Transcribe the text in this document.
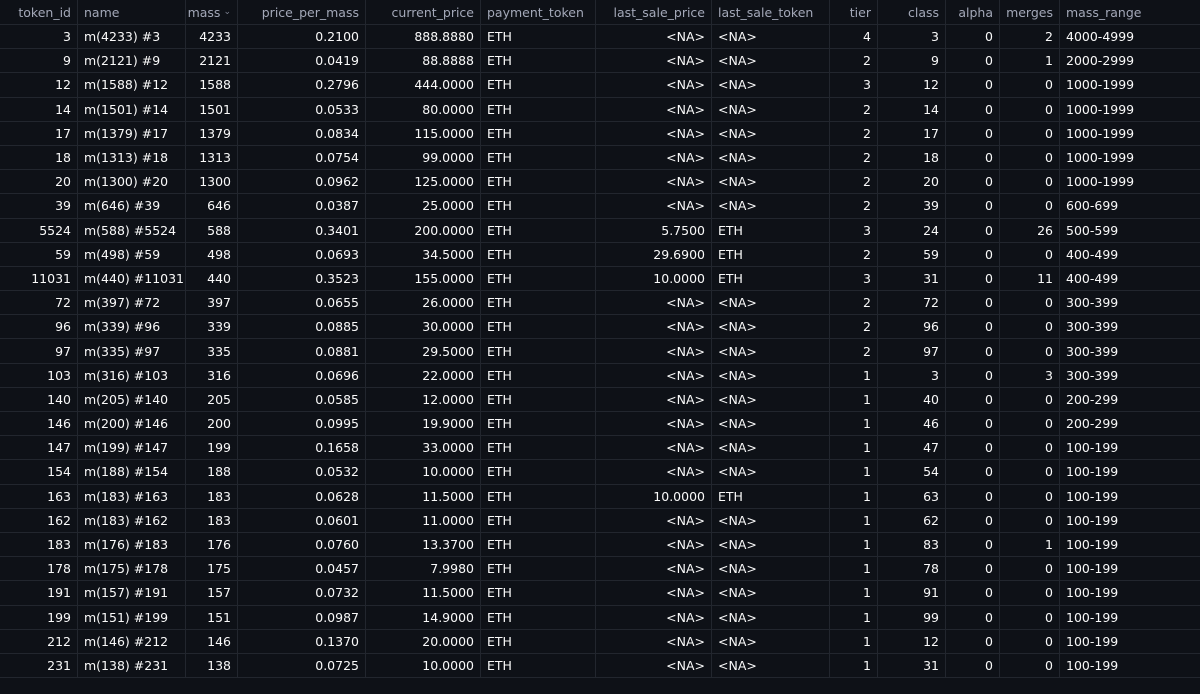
token_id name	mass ⌄ price_per_mass	current_price payment_token last_sale_price last_sale_token	tier	class alpha merges mass_range
3	m(4233) #3	4233	0.2100	888.8880	ETH	<NA>	<NA>	4	3	0	2	4000-4999
9	m(2121) #9	2121	0.0419	88.8888	ETH	<NA>	<NA>	2	9	0	1	2000-2999
12	m(1588) #12	1588	0.2796	444.0000	ETH	<NA>	<NA>	3	12	0	0	1000-1999
14	m(1501) #14	1501	0.0533	80.0000	ETH	<NA>	<NA>	2	14	0	0	1000-1999
17	m(1379) #17	1379	0.0834	115.0000	ETH	<NA>	<NA>	2	17	0	0	1000-1999
18	m(1313) #18	1313	0.0754	99.0000	ETH	<NA>	<NA>	2	18	0	0	1000-1999
20	m(1300) #20	1300	0.0962	125.0000	ETH	<NA>	<NA>	2	20	0	0	1000-1999
39	m(646) #39	646	0.0387	25.0000	ETH	<NA>	<NA>	2	39	0	0	600-699
5524	m(588) #5524	588	0.3401	200.0000	ETH	5.7500	ETH	3	24	0	26	500-599
59	m(498) #59	498	0.0693	34.5000	ETH	29.6900	ETH	2	59	0	0	400-499
11031	m(440) #11031	440	0.3523	155.0000	ETH	10.0000	ETH	3	31	0	11	400-499
72	m(397) #72	397	0.0655	26.0000	ETH	<NA>	<NA>	2	72	0	0	300-399
96	m(339) #96	339	0.0885	30.0000	ETH	<NA>	<NA>	2	96	0	0	300-399
97	m(335) #97	335	0.0881	29.5000	ETH	<NA>	<NA>	2	97	0	0	300-399
103	m(316) #103	316	0.0696	22.0000	ETH	<NA>	<NA>	1	3	0	3	300-399
140	m(205) #140	205	0.0585	12.0000	ETH	<NA>	<NA>	1	40	0	0	200-299
146	m(200) #146	200	0.0995	19.9000	ETH	<NA>	<NA>	1	46	0	0	200-299
147	m(199) #147	199	0.1658	33.0000	ETH	<NA>	<NA>	1	47	0	0	100-199
154	m(188) #154	188	0.0532	10.0000	ETH	<NA>	<NA>	1	54	0	0	100-199
163	m(183) #163	183	0.0628	11.5000	ETH	10.0000	ETH	1	63	0	0	100-199
162	m(183) #162	183	0.0601	11.0000	ETH	<NA>	<NA>	1	62	0	0	100-199
183	m(176) #183	176	0.0760	13.3700	ETH	<NA>	<NA>	1	83	0	1	100-199
178	m(175) #178	175	0.0457	7.9980	ETH	<NA>	<NA>	1	78	0	0	100-199
191	m(157) #191	157	0.0732	11.5000	ETH	<NA>	<NA>	1	91	0	0	100-199
199	m(151) #199	151	0.0987	14.9000	ETH	<NA>	<NA>	1	99	0	0	100-199
212	m(146) #212	146	0.1370	20.0000	ETH	<NA>	<NA>	1	12	0	0	100-199
231	m(138) #231	138	0.0725	10.0000	ETH	<NA>	<NA>	1	31	0	0	100-199
